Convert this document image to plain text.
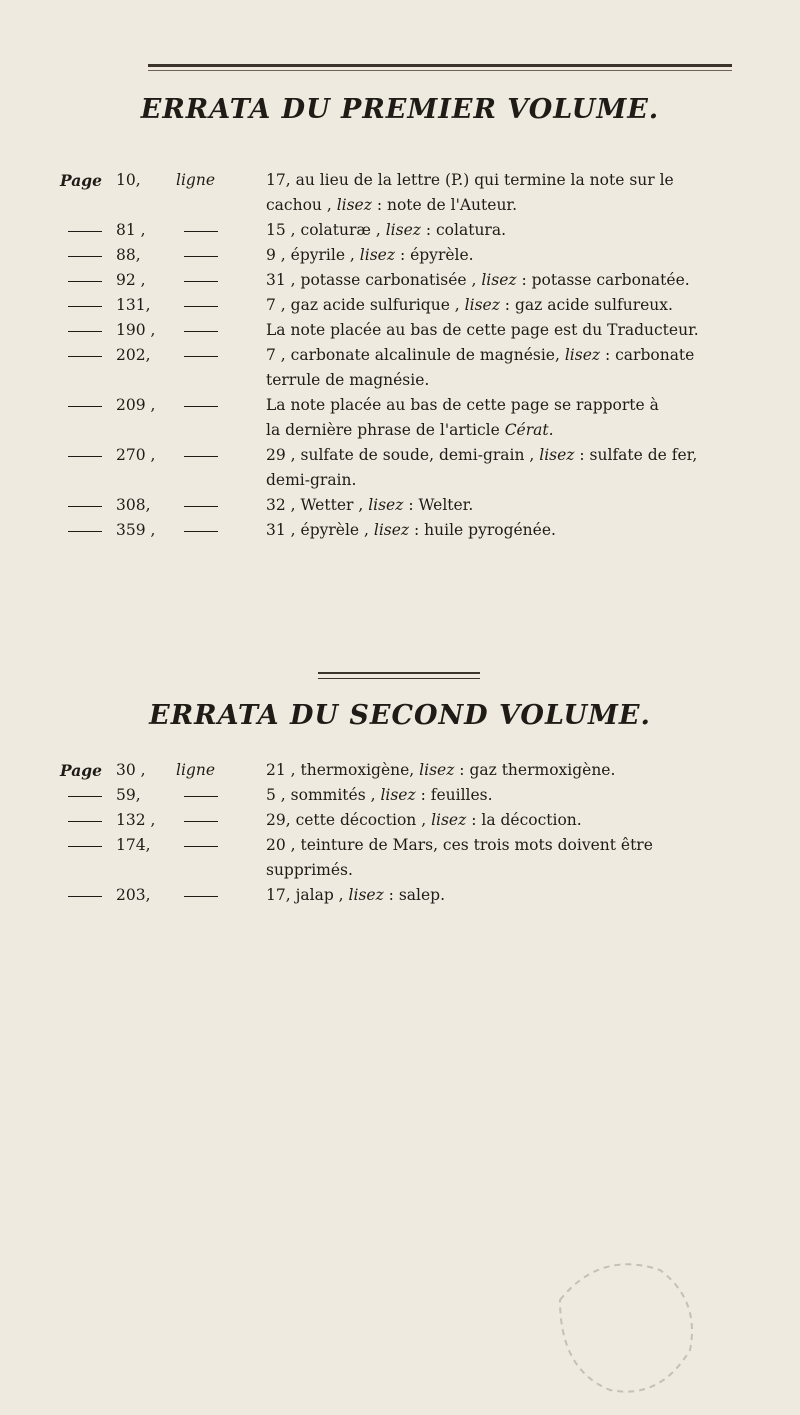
ERRATA DU PREMIER VOLUME.
Page 10, ligne	17, au lieu de la lettre (P.) qui termine la note sur le
cachou , lisez : note de l'Auteur.
81 ,	15 , colaturæ , lisez : colatura.
88,	9 , épyrile , lisez : épyrèle.
92 ,	31 , potasse carbonatisée , lisez : potasse carbonatée.
131,	7 , gaz acide sulfurique , lisez : gaz acide sulfureux.
190 ,	La note placée au bas de cette page est du Traducteur.
202,	7 , carbonate alcalinule de magnésie, lisez : carbonate
terrule de magnésie.
209 ,	La note placée au bas de cette page se rapporte à
la dernière phrase de l'article Cérat.
270 ,	29 , sulfate de soude, demi-grain , lisez : sulfate de fer,
demi-grain.
308,	32 , Wetter , lisez : Welter.
359 ,	31 , épyrèle , lisez : huile pyrogénée.
ERRATA DU SECOND VOLUME.
Page 30 , ligne	21 , thermoxigène, lisez : gaz thermoxigène.
59,	5 , sommités , lisez : feuilles.
132 ,	29, cette décoction , lisez : la décoction.
174,	20 , teinture de Mars, ces trois mots doivent être
supprimés.
203,	17, jalap , lisez : salep.
